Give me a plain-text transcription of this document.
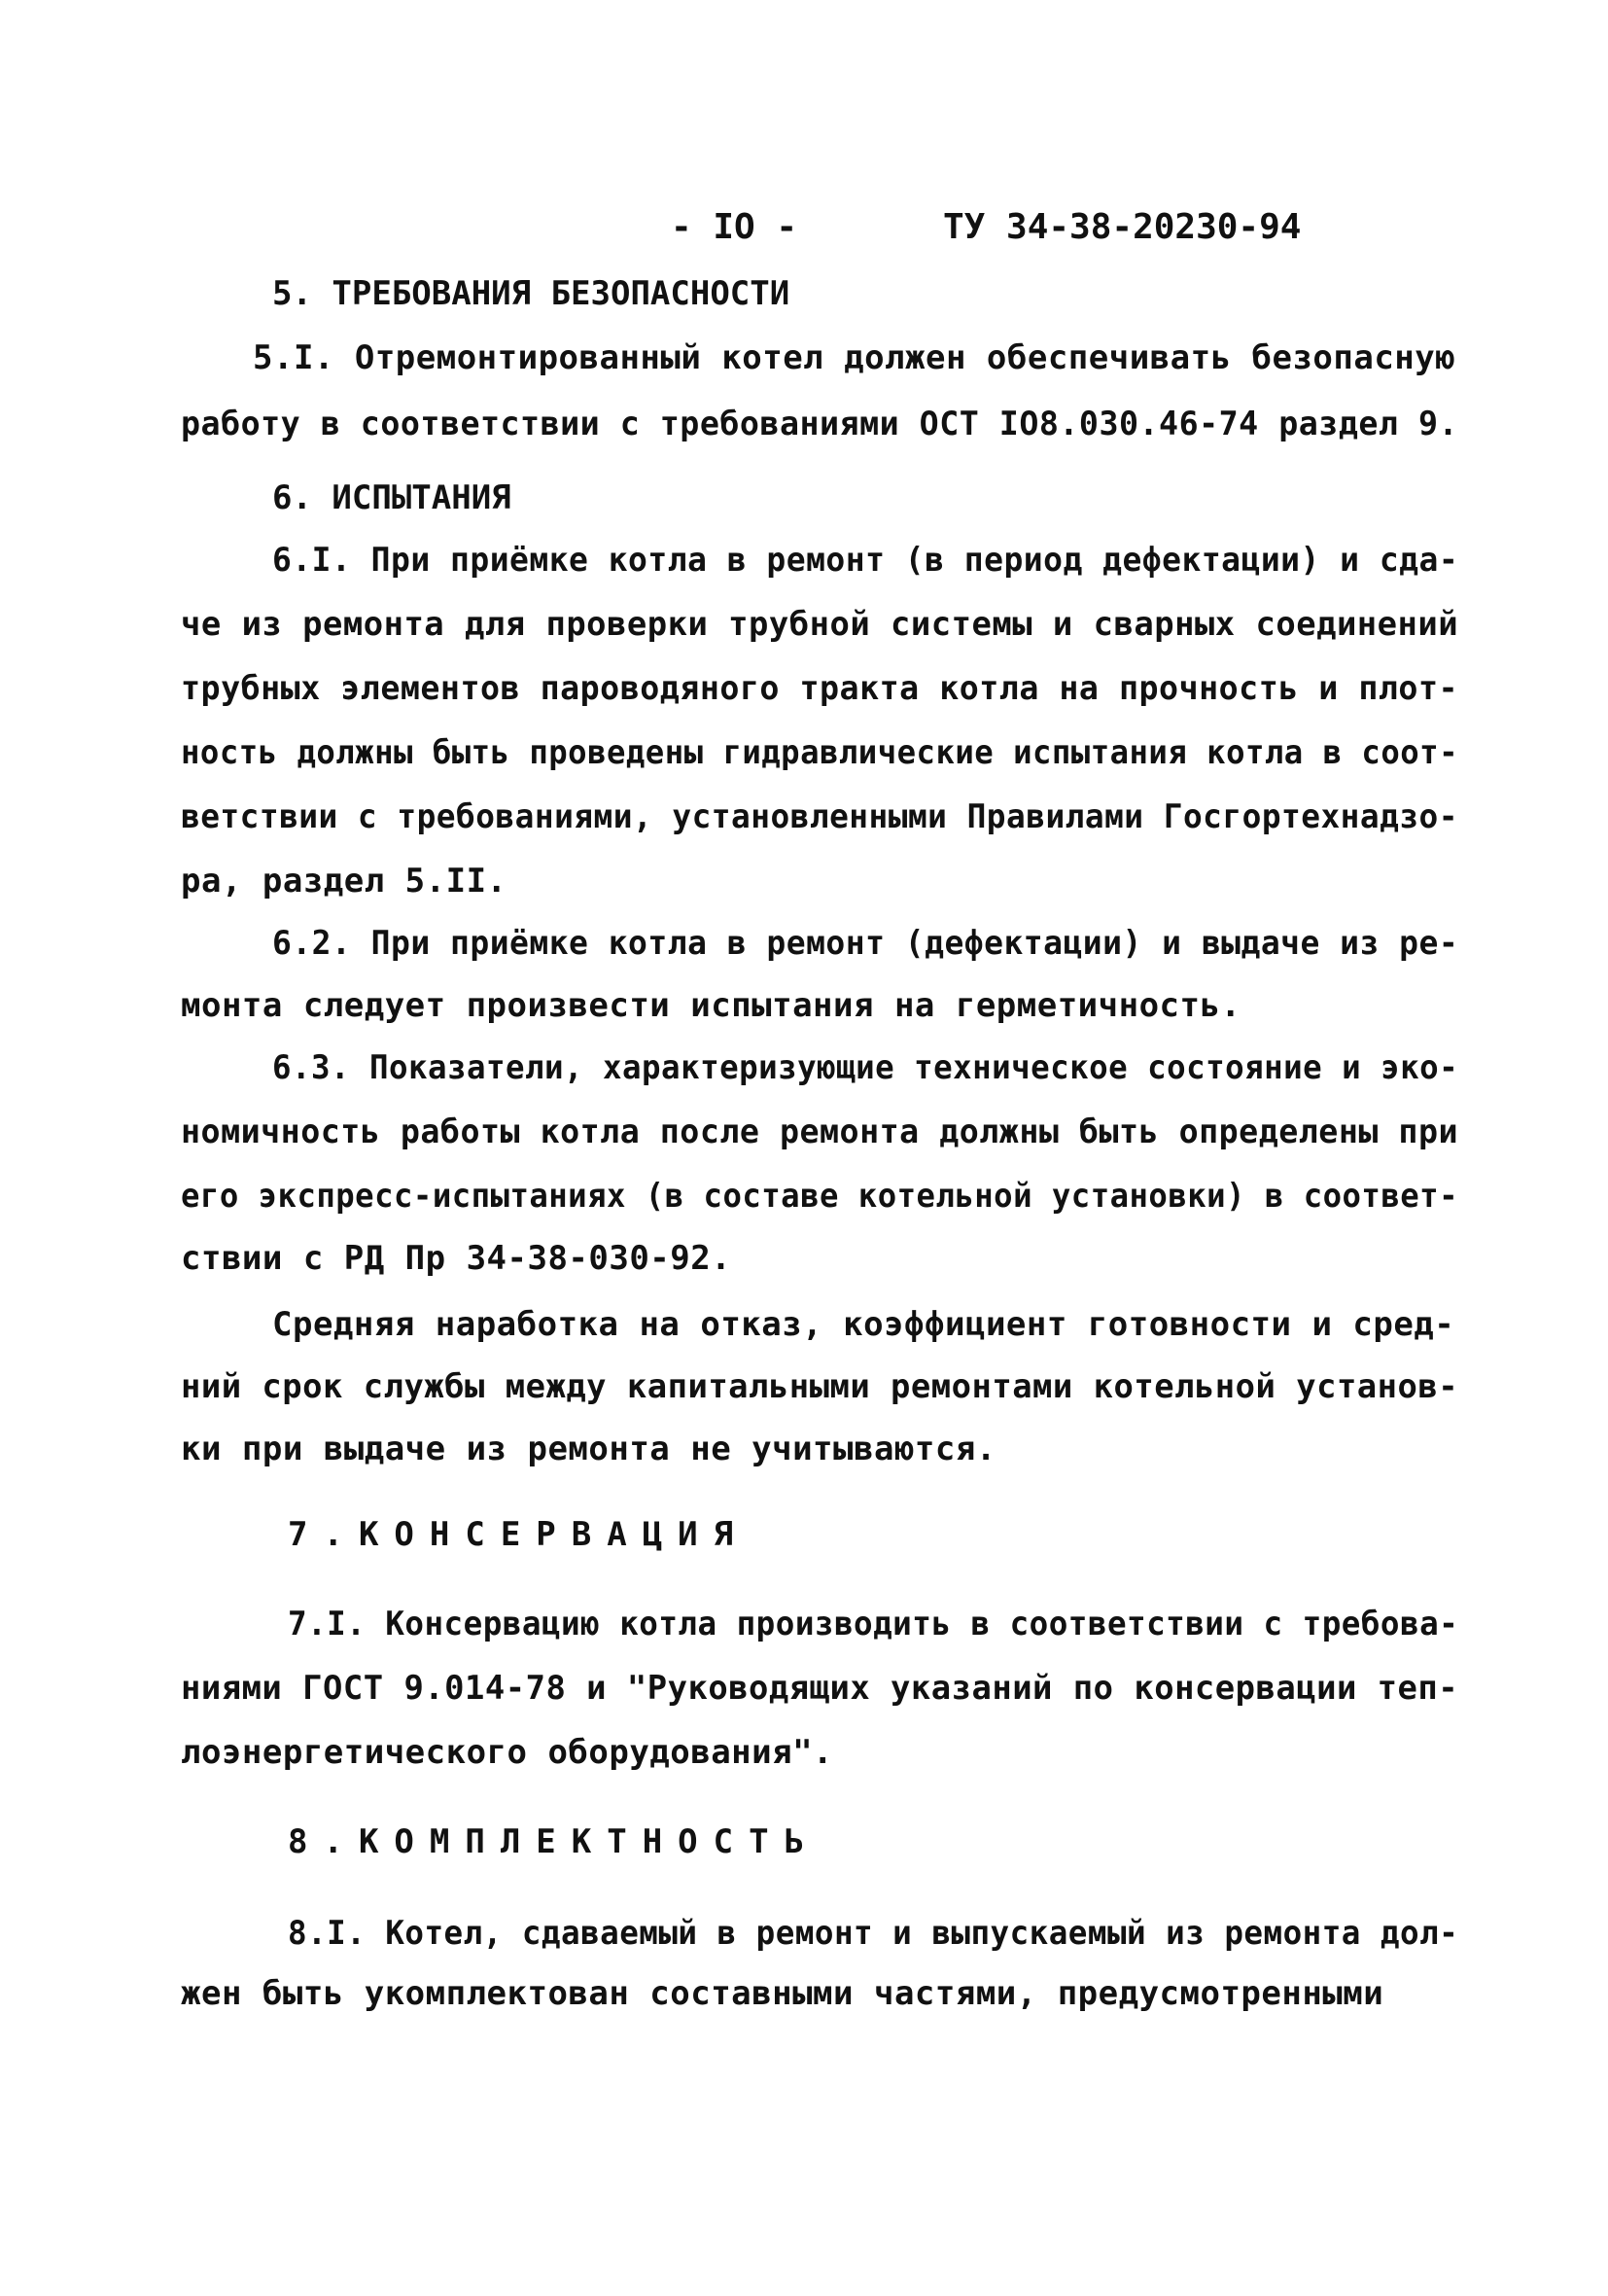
- IO -	ТУ 34-38-20230-94
5. ТРЕБОВАНИЯ БЕЗОПАСНОСТИ
5.I. Отремонтированный котел должен обеспечивать безопасную
работу в соответствии с требованиями ОСТ IO8.030.46-74 раздел 9.
6. ИСПЫТАНИЯ
6.I. При приёмке котла в ремонт (в период дефектации) и сда-
че из ремонта для проверки трубной системы и сварных соединений
трубных элементов пароводяного тракта котла на прочность и плот-
ность должны быть проведены гидравлические испытания котла в соот-
ветствии с требованиями, установленными Правилами Госгортехнадзо-
ра, раздел 5.II.
6.2. При приёмке котла в ремонт (дефектации) и выдаче из ре-
монта следует произвести испытания на герметичность.
6.3. Показатели, характеризующие техническое состояние и эко-
номичность работы котла после ремонта должны быть определены при
его экспресс-испытаниях (в составе котельной установки) в соответ-
ствии с РД Пр 34-38-030-92.
Средняя наработка на отказ, коэффициент готовности и сред-
ний срок службы между капитальными ремонтами котельной установ-
ки при выдаче из ремонта не учитываются.
7.КОНСЕРВАЦИЯ
7.I. Консервацию котла производить в соответствии с требова-
ниями ГОСТ 9.014-78 и "Руководящих указаний по консервации теп-
лоэнергетического оборудования".
8.КОМПЛЕКТНОСТЬ
8.I. Котел, сдаваемый в ремонт и выпускаемый из ремонта дол-
жен быть укомплектован составными частями, предусмотренными
